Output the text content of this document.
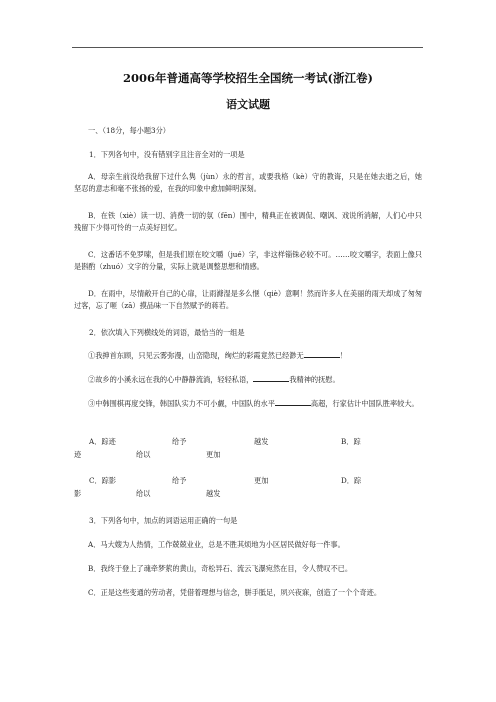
2006年普通高等学校招生全国统一考试(浙江卷)
语文试题
一、（18分，每小题3分）
1．下列各句中，没有错别字且注音全对的一项是
A．母亲生前没给我留下过什么隽（jùn）永的哲言，或要我格（kè）守的教诲，只是在她去逝之后，她坚忍的意志和毫不张扬的爱，在我的印象中愈加鲜明深刻。
B．在铁（xiè）读一切、消费一切的氛（fēn）围中，精典正在被调侃、嘲讽、戏说所消解，人们心中只残留下少得可怜的一点美好回忆。
C．这番话不免罗嗦，但是我们原在咬文嚼（jué）字，非这样锱铢必较不可。……咬文嚼字，表面上像只是斟酌（zhuó）文字的分量，实际上就是调整思想和情感。
D．在雨中，尽情敞开自己的心扉，让雨滌湿是多么惬（qiè）意啊！然而许多人在美丽的雨天却成了匆匆过客，忘了咂（zā）摸品味一下自然赋予的蒋若。
2．依次填入下列横线处的词语，最恰当的一组是
①我抻首东顾，只见云雾弥漫，山峦隐现，绚烂的彩霞竟然已经渺无	！
②故乡的小溪永远在我的心中静静流淌，轻轻私语，	我精神的抚慰。
③中韩围棋再度交锋，韩国队实力不可小觑，中国队的水平	高超，行家估计中国队胜率较大。
A．踪迹	给予	越发	B．踪
迹	给以	更加
C．踪影	给予	更加	D．踪
影	给以	越发
3．下列各句中，加点的词语运用正确的一句是
A．马大嫂为人热情，工作兢兢业业，总是不胜其烦地为小区居民做好每一件事。
B．我终于登上了魂牵梦萦的黄山，奇松异石、流云飞瀑宛然在目，令人赞叹不已。
C．正是这些变通的劳动者，凭借着理想与信念，胼手胝足，夙兴夜寐，创造了一个个奇迹。
